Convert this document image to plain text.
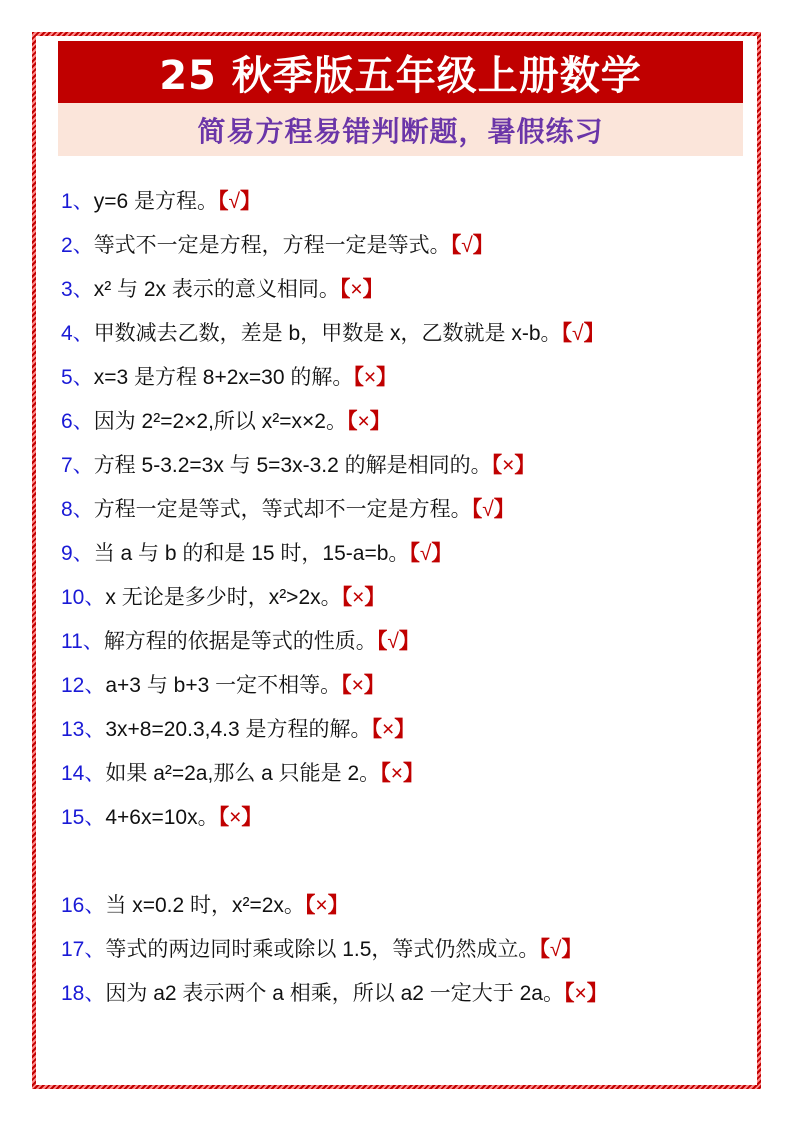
25 秋季版五年级上册数学
简易方程易错判断题，暑假练习
1、y=6 是方程。【√】
2、等式不一定是方程，方程一定是等式。【√】
3、x² 与 2x 表示的意义相同。【×】
4、甲数减去乙数，差是 b，甲数是 x，乙数就是 x-b。【√】
5、x=3 是方程 8+2x=30 的解。【×】
6、因为 2²=2×2,所以 x²=x×2。【×】
7、方程 5-3.2=3x 与 5=3x-3.2 的解是相同的。【×】
8、方程一定是等式，等式却不一定是方程。【√】
9、当 a 与 b 的和是 15 时，15-a=b。【√】
10、x 无论是多少时，x²>2x。【×】
11、解方程的依据是等式的性质。【√】
12、a+3 与 b+3 一定不相等。【×】
13、3x+8=20.3,4.3 是方程的解。【×】
14、如果 a²=2a,那么 a 只能是 2。【×】
15、4+6x=10x。【×】
16、当 x=0.2 时，x²=2x。【×】
17、等式的两边同时乘或除以 1.5，等式仍然成立。【√】
18、因为 a2 表示两个 a 相乘，所以 a2 一定大于 2a。【×】
